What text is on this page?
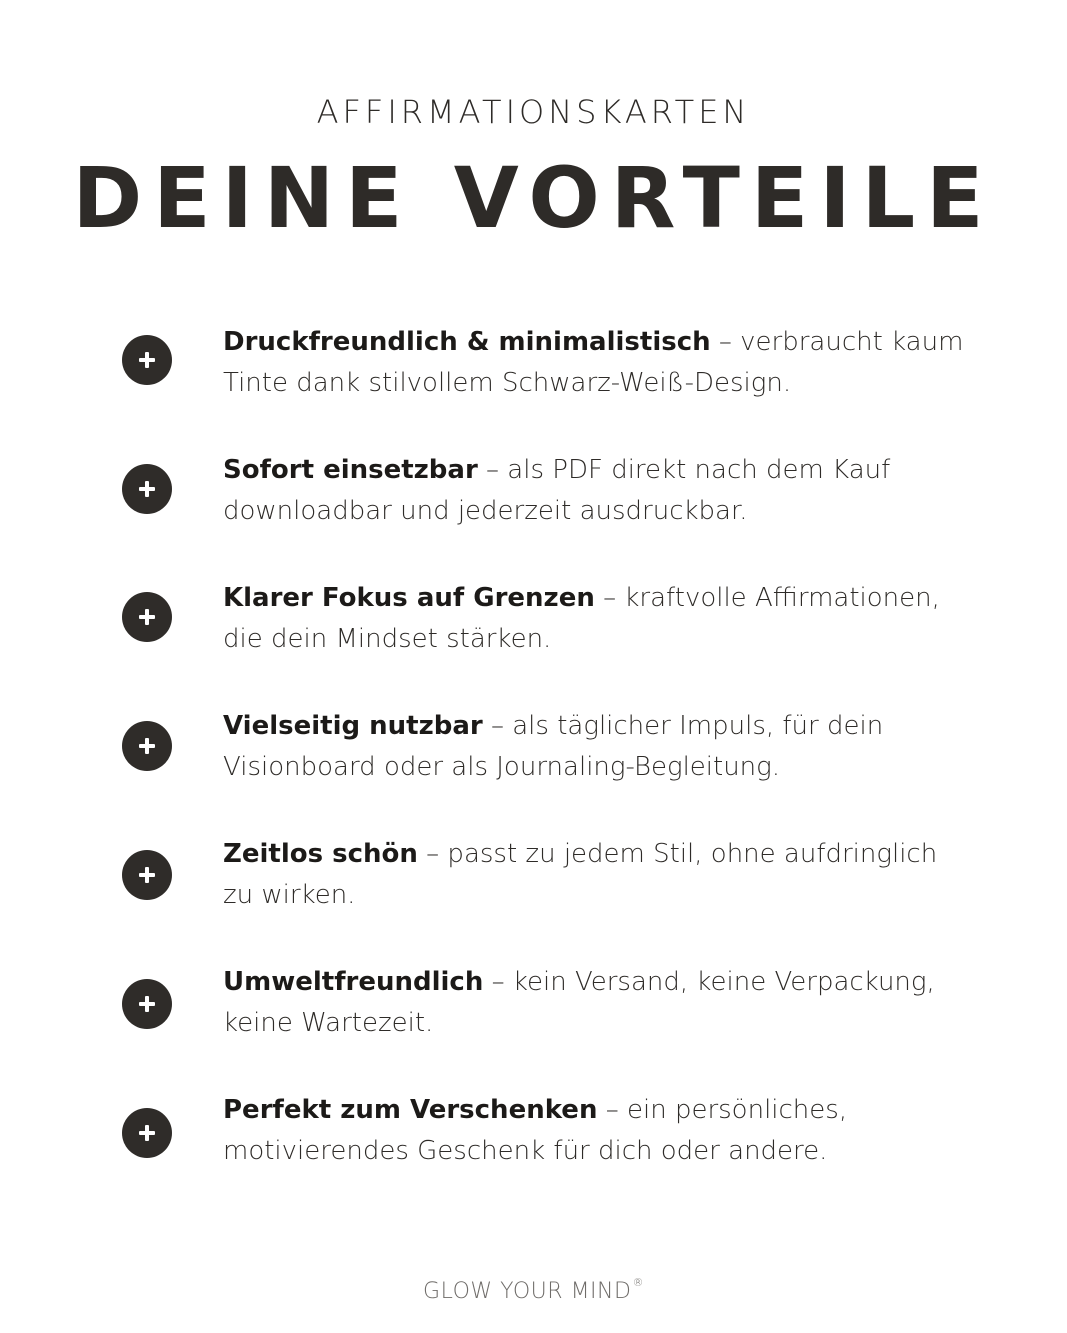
AFFIRMATIONSKARTEN
DEINE VORTEILE
Druckfreundlich & minimalistisch – verbraucht kaum Tinte dank stilvollem Schwarz-Weiß-Design.
Sofort einsetzbar – als PDF direkt nach dem Kauf downloadbar und jederzeit ausdruckbar.
Klarer Fokus auf Grenzen – kraftvolle Affirmationen, die dein Mindset stärken.
Vielseitig nutzbar – als täglicher Impuls, für dein Visionboard oder als Journaling-Begleitung.
Zeitlos schön – passt zu jedem Stil, ohne aufdringlich zu wirken.
Umweltfreundlich – kein Versand, keine Verpackung, keine Wartezeit.
Perfekt zum Verschenken – ein persönliches, motivierendes Geschenk für dich oder andere.
GLOW YOUR MIND®
